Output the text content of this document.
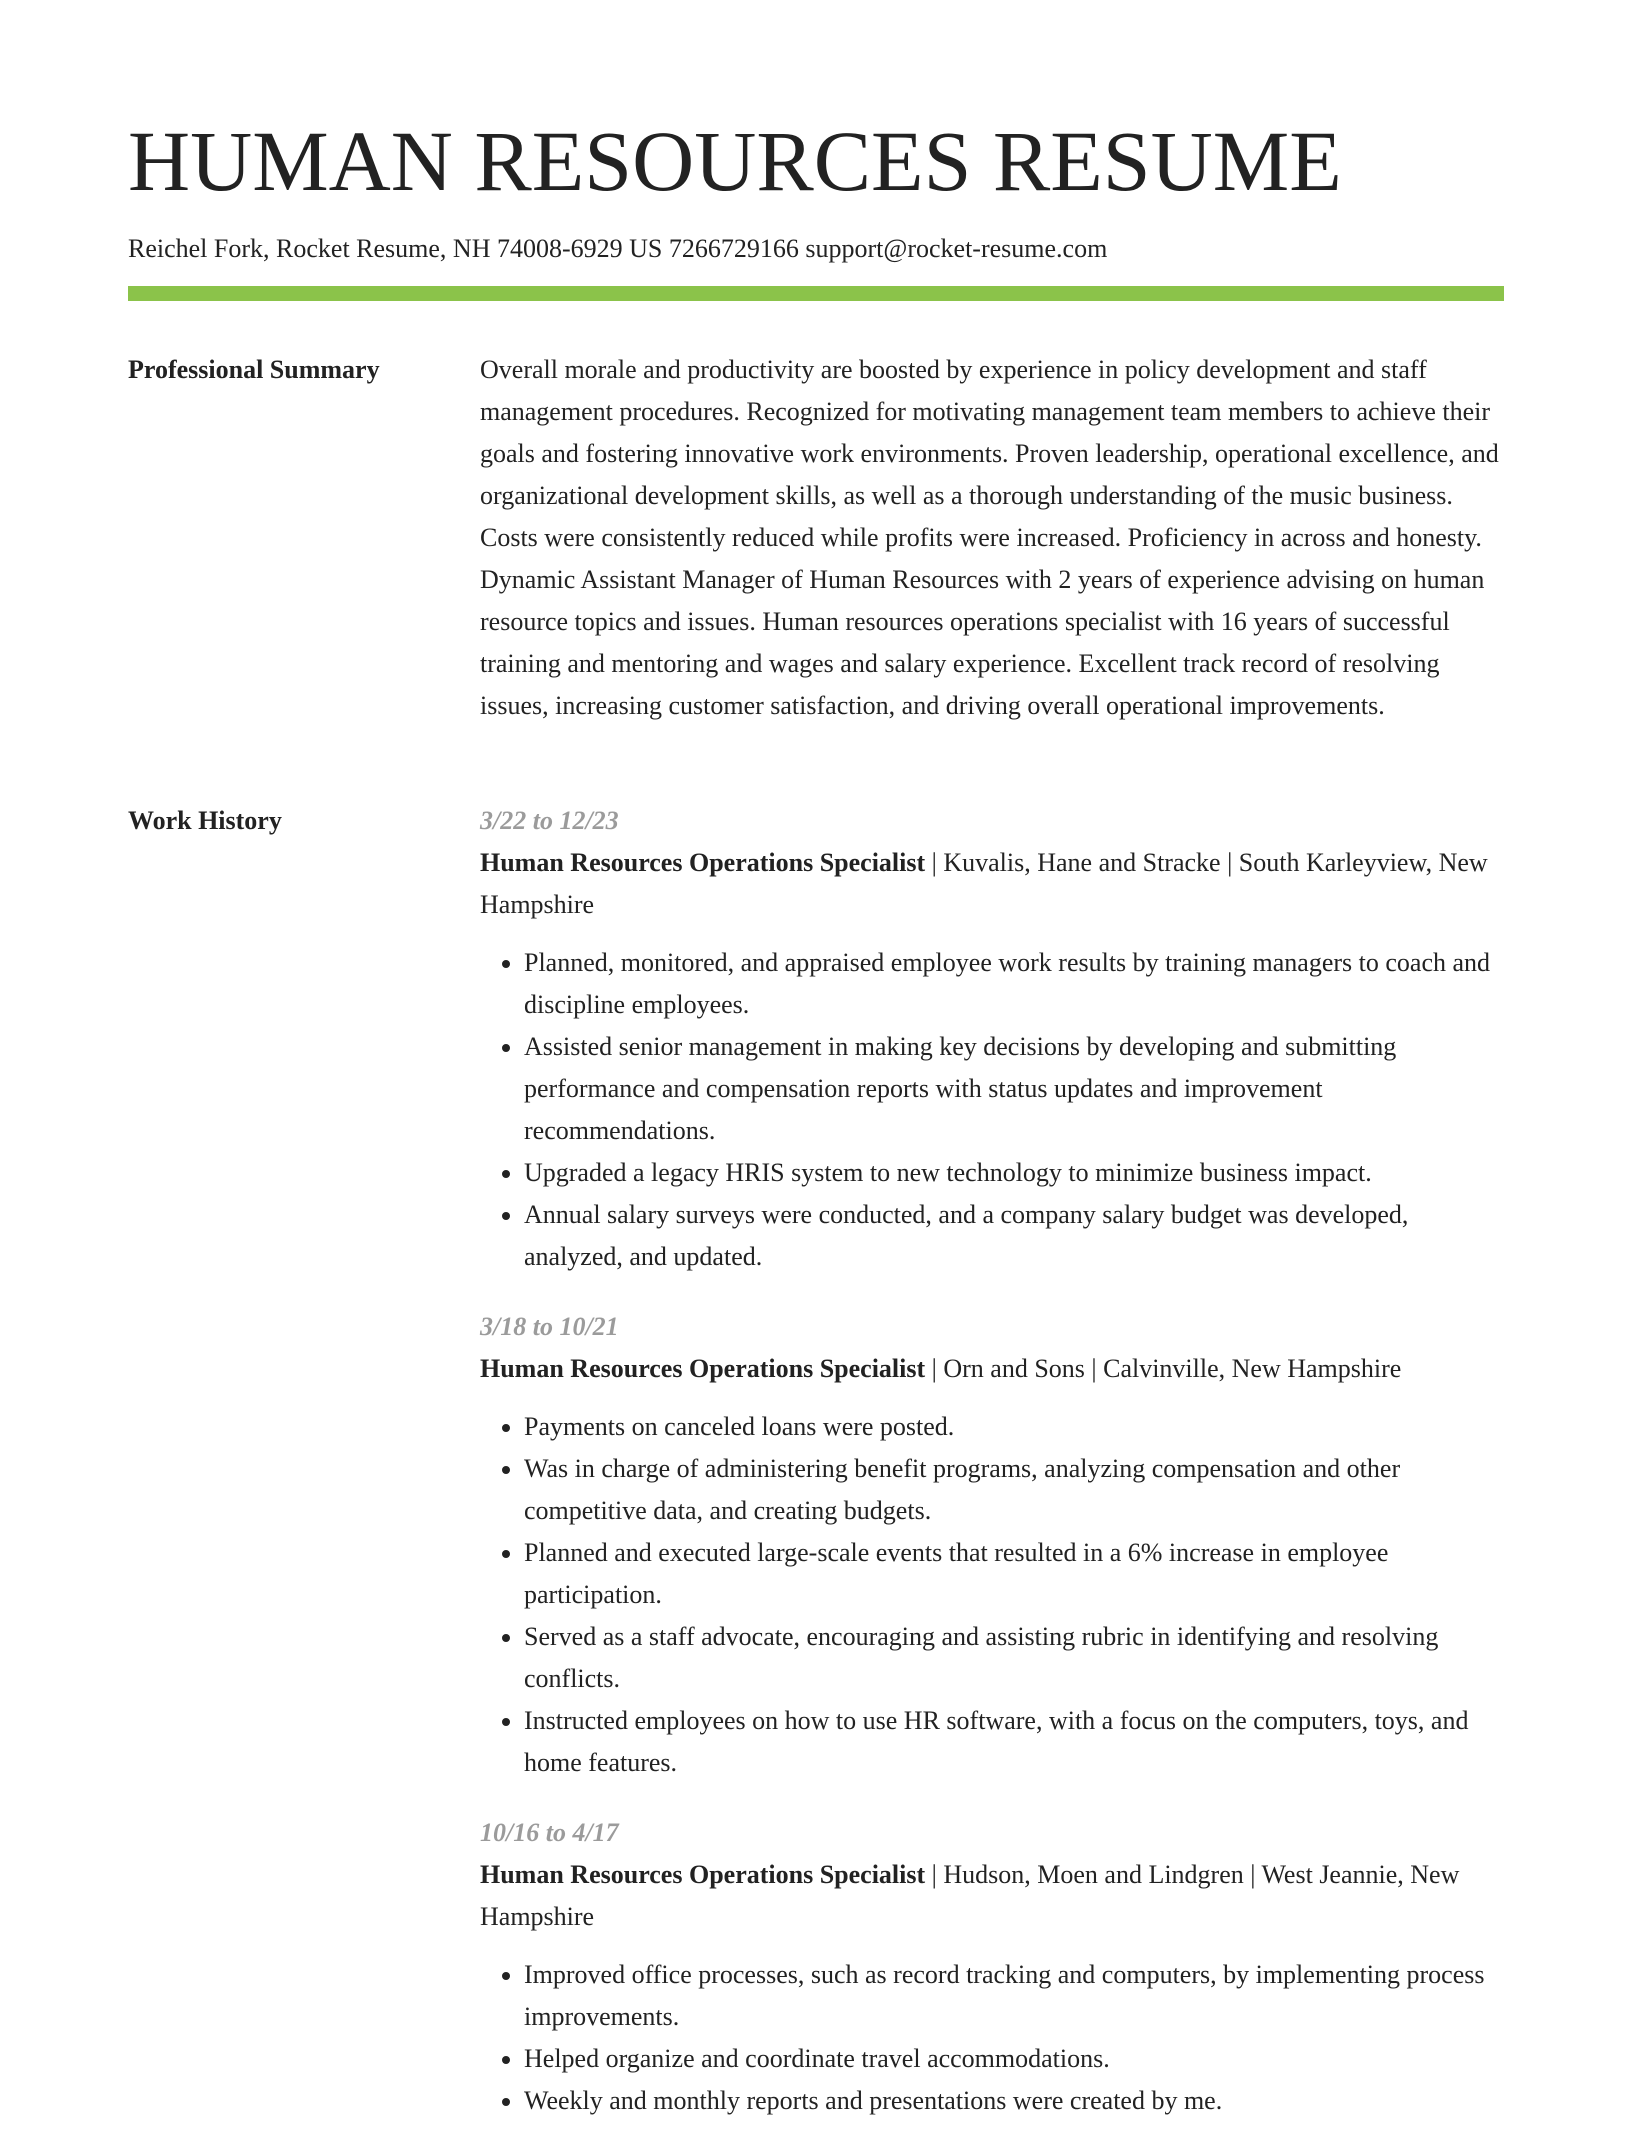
HUMAN RESOURCES RESUME
Reichel Fork, Rocket Resume, NH 74008-6929 US 7266729166 support@rocket-resume.com
Professional Summary	Overall morale and productivity are boosted by experience in policy development and staff management procedures. Recognized for motivating management team members to achieve their goals and fostering innovative work environments. Proven leadership, operational excellence, and organizational development skills, as well as a thorough understanding of the music business. Costs were consistently reduced while profits were increased. Proficiency in across and honesty. Dynamic Assistant Manager of Human Resources with 2 years of experience advising on human resource topics and issues. Human resources operations specialist with 16 years of successful training and mentoring and wages and salary experience. Excellent track record of resolving issues, increasing customer satisfaction, and driving overall operational improvements.

Work History	3/22 to 12/23
Human Resources Operations Specialist | Kuvalis, Hane and Stracke | South Karleyview, New Hampshire
• Planned, monitored, and appraised employee work results by training managers to coach and discipline employees.
• Assisted senior management in making key decisions by developing and submitting performance and compensation reports with status updates and improvement recommendations.
• Upgraded a legacy HRIS system to new technology to minimize business impact.
• Annual salary surveys were conducted, and a company salary budget was developed, analyzed, and updated.
3/18 to 10/21
Human Resources Operations Specialist | Orn and Sons | Calvinville, New Hampshire
• Payments on canceled loans were posted.
• Was in charge of administering benefit programs, analyzing compensation and other competitive data, and creating budgets.
• Planned and executed large-scale events that resulted in a 6% increase in employee participation.
• Served as a staff advocate, encouraging and assisting rubric in identifying and resolving conflicts.
• Instructed employees on how to use HR software, with a focus on the computers, toys, and home features.
10/16 to 4/17
Human Resources Operations Specialist | Hudson, Moen and Lindgren | West Jeannie, New Hampshire
• Improved office processes, such as record tracking and computers, by implementing process improvements.
• Helped organize and coordinate travel accommodations.
• Weekly and monthly reports and presentations were created by me.
